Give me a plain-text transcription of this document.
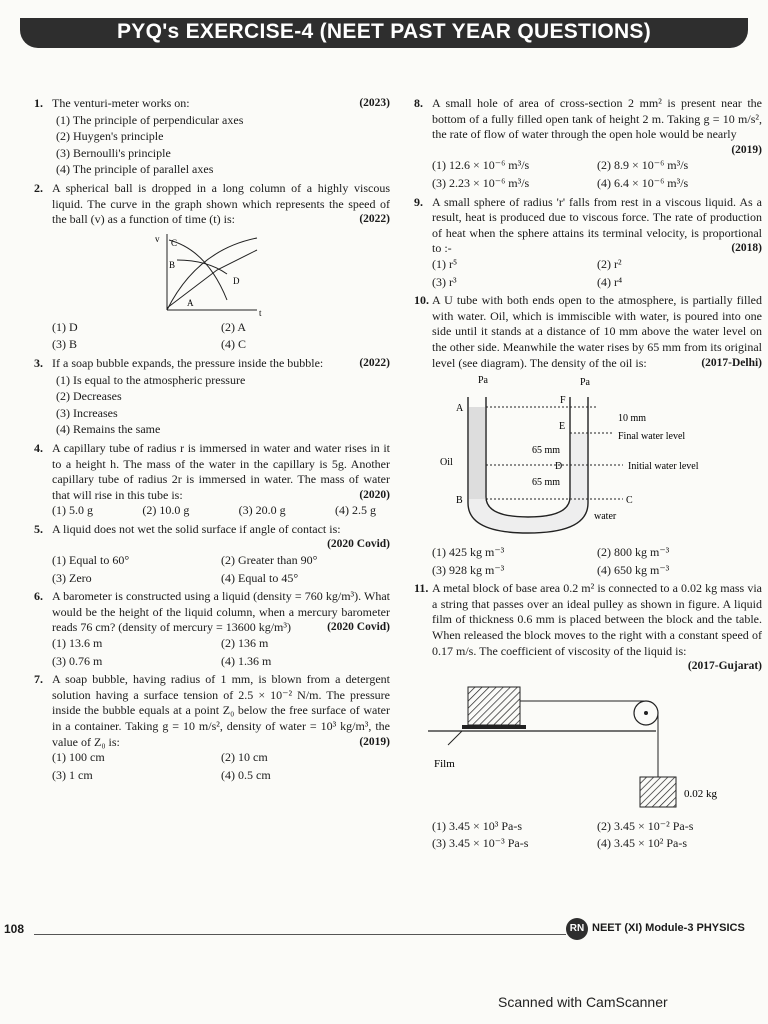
PYQ's EXERCISE-4 (NEET PAST YEAR QUESTIONS)
1.	(2023)
The venturi-meter works on:
(1) The principle of perpendicular axes
(2) Huygen's principle
(3) Bernoulli's principle
(4) The principle of parallel axes
2. A spherical ball is dropped in a long column of a highly viscous liquid. The curve in the graph shown which represents the speed of the ball (v) as a function of time (t) is:	(2022)
v
t
C
B
D
A
(1) D	(2) A
(3) B	(4) C
3. If a soap bubble expands, the pressure inside the bubble:	(2022)
(1) Is equal to the atmospheric pressure
(2) Decreases
(3) Increases
(4) Remains the same
4. A capillary tube of radius r is immersed in water and water rises in it to a height h. The mass of the water in the capillary is 5g. Another capillary tube of radius 2r is immersed in water. The mass of water that will rise in this tube is:	(2020)
(1) 5.0 g	(2) 10.0 g	(3) 20.0 g	(4) 2.5 g
5. A liquid does not wet the solid surface if angle of contact is:
(2020 Covid)
(1) Equal to 60°	(2) Greater than 90°
(3) Zero	(4) Equal to 45°
6. A barometer is constructed using a liquid (density = 760 kg/m³). What would be the height of the liquid column, when a mercury barometer reads 76 cm? (density of mercury = 13600 kg/m³)	(2020 Covid)
(1) 13.6 m	(2) 136 m
(3) 0.76 m	(4) 1.36 m
7. A soap bubble, having radius of 1 mm, is blown from a detergent solution having a surface tension of 2.5 × 10⁻² N/m. The pressure inside the bubble equals at a point Z₀ below the free surface of water in a container. Taking g = 10 m/s², density of water = 10³ kg/m³, the value of Z₀ is:	(2019)
(1) 100 cm	(2) 10 cm
(3) 1 cm	(4) 0.5 cm
8. A small hole of area of cross-section 2 mm² is present near the bottom of a fully filled open tank of height 2 m. Taking g = 10 m/s², the rate of flow of water through the open hole would be nearly
(2019)
(1) 12.6 × 10⁻⁶ m³/s	(2) 8.9 × 10⁻⁶ m³/s
(3) 2.23 × 10⁻⁶ m³/s	(4) 6.4 × 10⁻⁶ m³/s
9. A small sphere of radius 'r' falls from rest in a viscous liquid. As a result, heat is produced due to viscous force. The rate of production of heat when the sphere attains its terminal velocity, is proportional to :-	(2018)
(1) r⁵	(2) r²
(3) r³	(4) r⁴
10. A U tube with both ends open to the atmosphere, is partially filled with water. Oil, which is immiscible with water, is poured into one side until it stands at a distance of 10 mm above the water level on the other side. Meanwhile the water rises by 65 mm from its original level (see diagram). The density of the oil is:	(2017-Delhi)
Pa	Pa
A
Oil
B
F
E
D
C
10 mm
Final water level
Initial water level
65 mm
65 mm
water
(1) 425 kg m⁻³	(2) 800 kg m⁻³
(3) 928 kg m⁻³	(4) 650 kg m⁻³
11. A metal block of base area 0.2 m² is connected to a 0.02 kg mass via a string that passes over an ideal pulley as shown in figure. A liquid film of thickness 0.6 mm is placed between the block and the table. When released the block moves to the right with a constant speed of 0.17 m/s. The coefficient of viscosity of the liquid is:
(2017-Gujarat)
Film
0.02 kg
(1) 3.45 × 10³ Pa-s	(2) 3.45 × 10⁻² Pa-s
(3) 3.45 × 10⁻³ Pa-s	(4) 3.45 × 10² Pa-s
108	RN NEET (XI) Module-3 PHYSICS
Scanned with CamScanner
